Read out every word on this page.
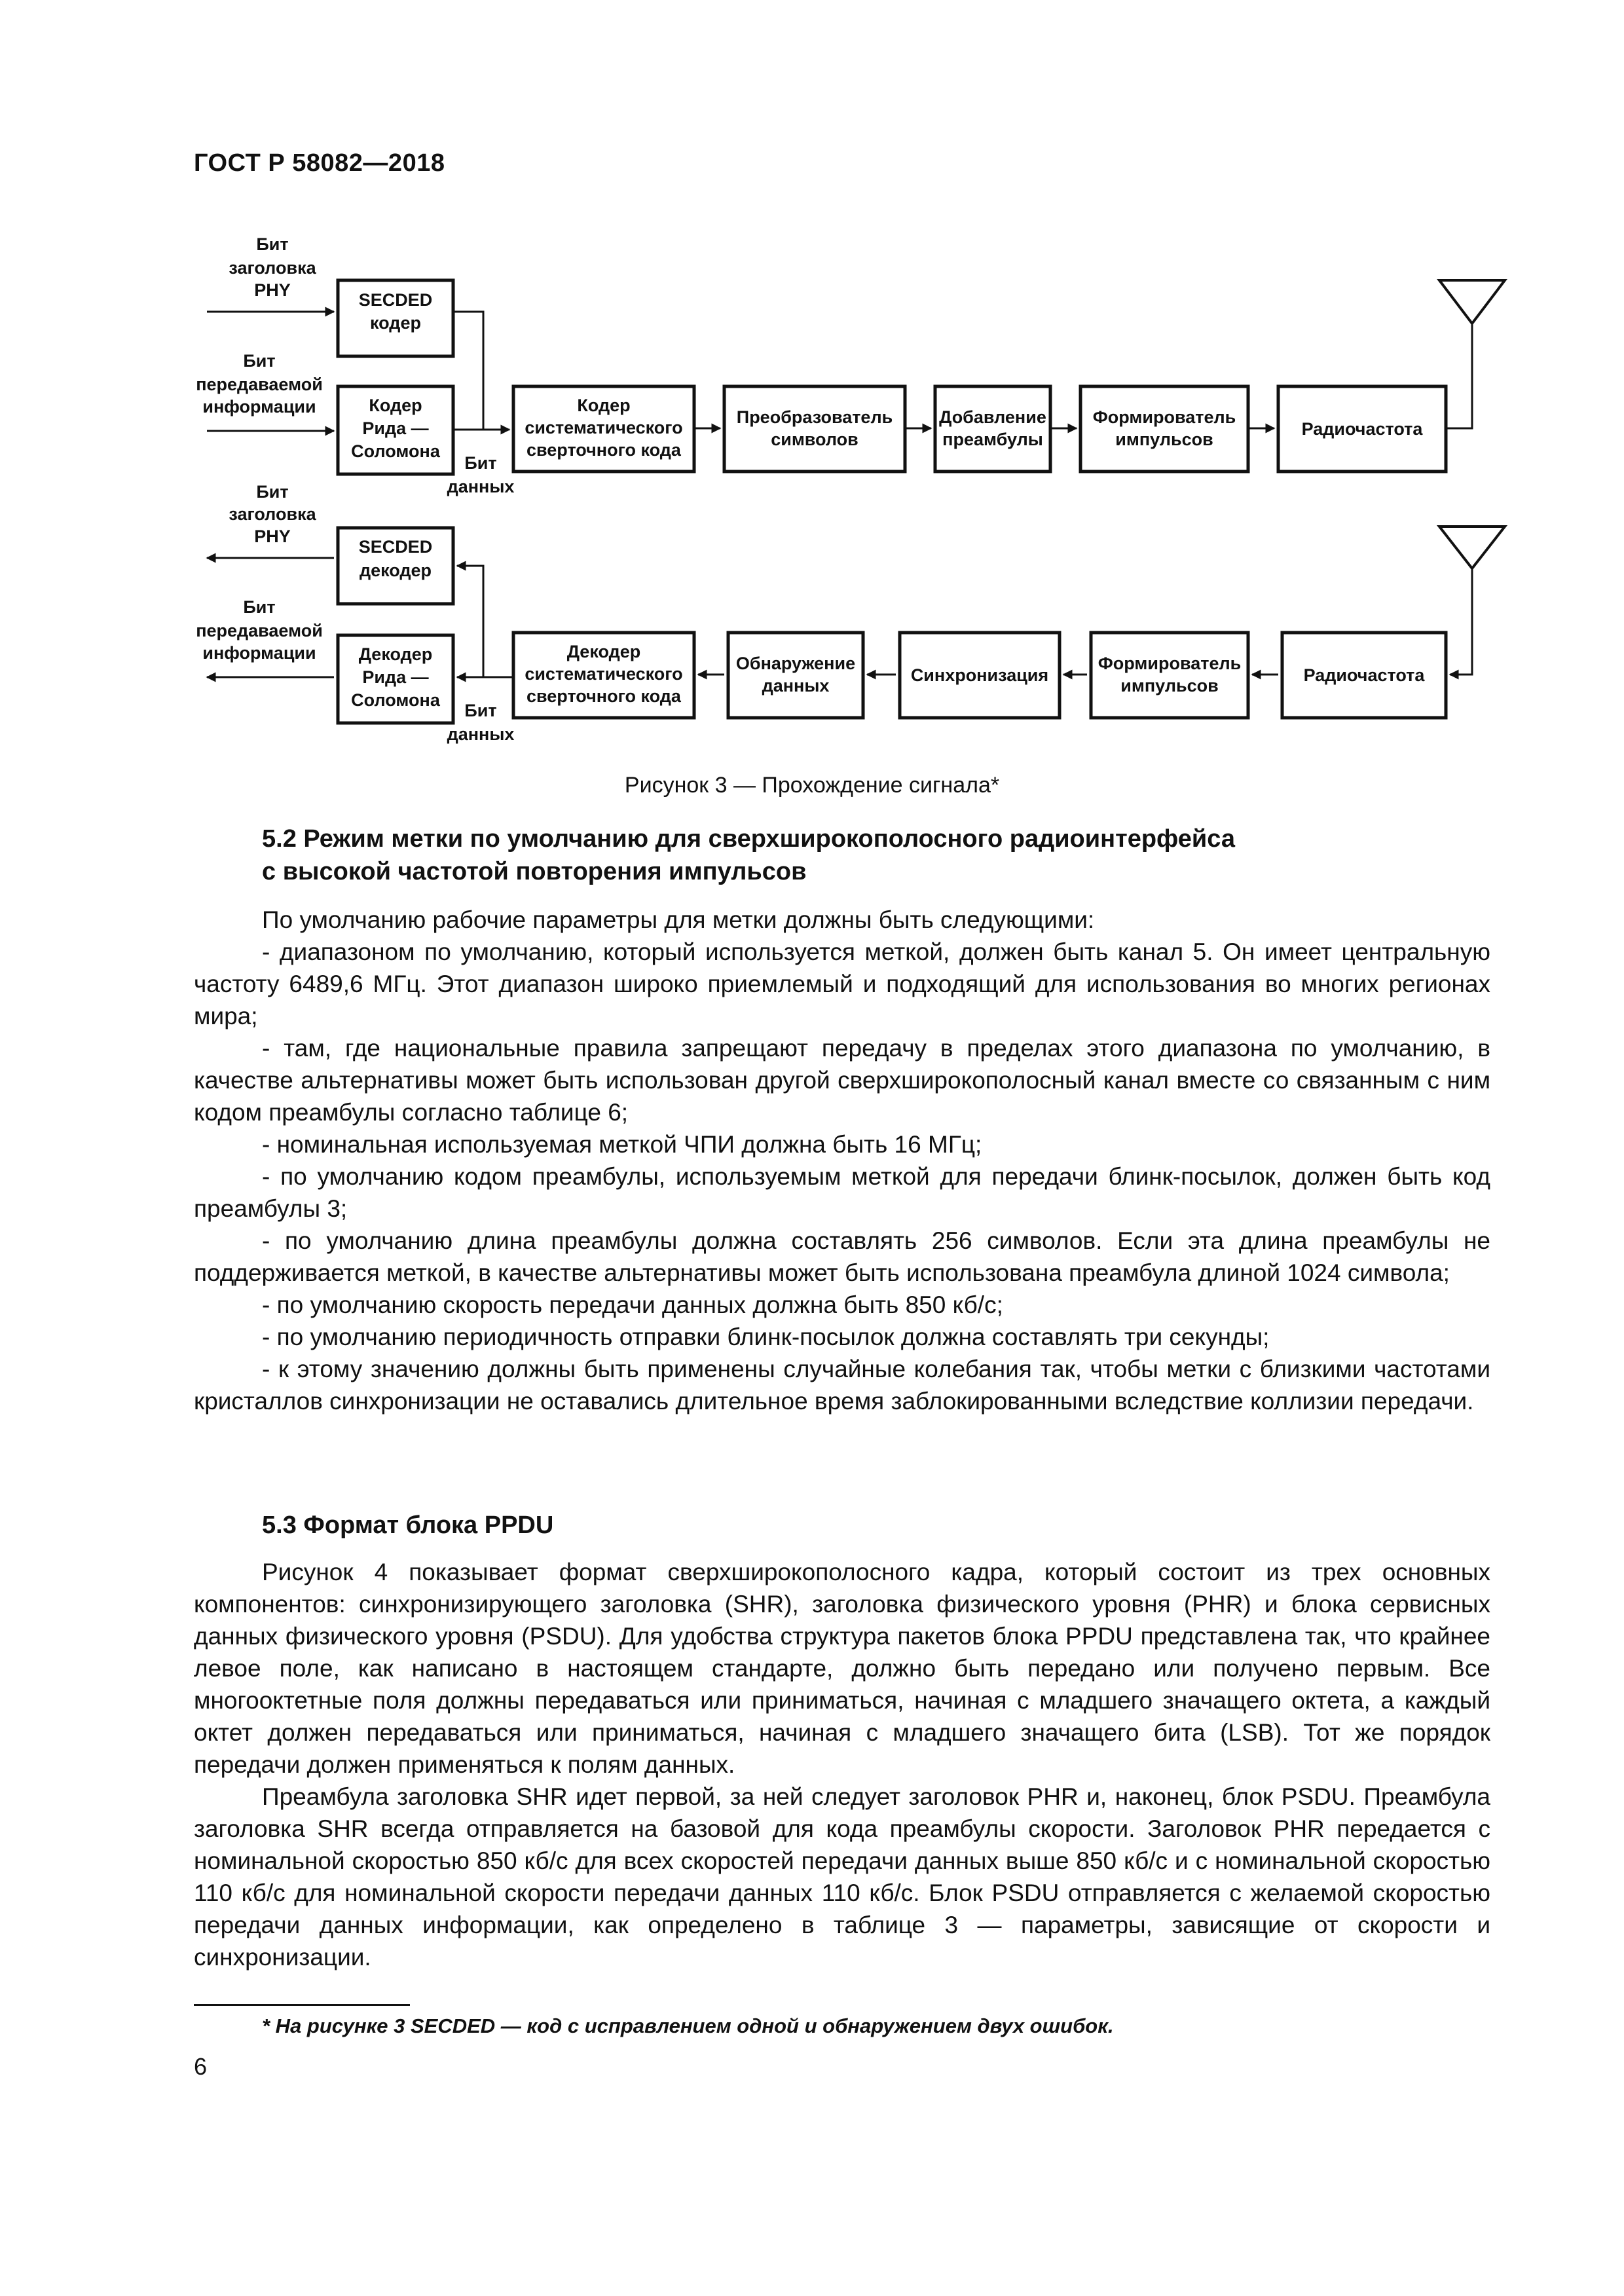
ГОСТ Р 58082—2018
Бит
заголовка
PHY
Бит
передаваемой
информации
SECDED
кодер
Кодер
Рида —
Соломона
Бит
данных
Кодер
систематического
сверточного кода
Преобразователь
символов
Добавление
преамбулы
Формирователь
импульсов
Радиочастота
Бит
заголовка
PHY
Бит
передаваемой
информации
SECDED
декодер
Декодер
Рида —
Соломона
Бит
данных
Декодер
систематического
сверточного кода
Обнаружение
данных
Синхронизация
Формирователь
импульсов
Радиочастота
Рисунок 3 — Прохождение сигнала*
5.2 Режим метки по умолчанию для сверхширокополосного радиоинтерфейса
с высокой частотой повторения импульсов

По умолчанию рабочие параметры для метки должны быть следующими:

- диапазоном по умолчанию, который используется меткой, должен быть канал 5. Он имеет центральную частоту 6489,6 МГц. Этот диапазон широко приемлемый и подходящий для использования во многих регионах мира;

- там, где национальные правила запрещают передачу в пределах этого диапазона по умолчанию, в качестве альтернативы может быть использован другой сверхширокополосный канал вместе со связанным с ним кодом преамбулы согласно таблице 6;

- номинальная используемая меткой ЧПИ должна быть 16 МГц;

- по умолчанию кодом преамбулы, используемым меткой для передачи блинк-посылок, должен быть код преамбулы 3;

- по умолчанию длина преамбулы должна составлять 256 символов. Если эта длина преамбулы не поддерживается меткой, в качестве альтернативы может быть использована преамбула длиной 1024 символа;

- по умолчанию скорость передачи данных должна быть 850 кб/с;

- по умолчанию периодичность отправки блинк-посылок должна составлять три секунды;

- к этому значению должны быть применены случайные колебания так, чтобы метки с близкими частотами кристаллов синхронизации не оставались длительное время заблокированными вследствие коллизии передачи.

5.3 Формат блока PPDU

Рисунок 4 показывает формат сверхширокополосного кадра, который состоит из трех основных компонентов: синхронизирующего заголовка (SHR), заголовка физического уровня (PHR) и блока сервисных данных физического уровня (PSDU). Для удобства структура пакетов блока PPDU представлена так, что крайнее левое поле, как написано в настоящем стандарте, должно быть передано или получено первым. Все многооктетные поля должны передаваться или приниматься, начиная с младшего значащего октета, а каждый октет должен передаваться или приниматься, начиная с младшего значащего бита (LSB). Тот же порядок передачи должен применяться к полям данных.

Преамбула заголовка SHR идет первой, за ней следует заголовок PHR и, наконец, блок PSDU. Преамбула заголовка SHR всегда отправляется на базовой для кода преамбулы скорости. Заголовок PHR передается с номинальной скоростью 850 кб/с для всех скоростей передачи данных выше 850 кб/с и с номинальной скоростью 110 кб/с для номинальной скорости передачи данных 110 кб/с. Блок PSDU отправляется с желаемой скоростью передачи данных информации, как определено в таблице 3 — параметры, зависящие от скорости и синхронизации.

* На рисунке 3 SECDED — код с исправлением одной и обнаружением двух ошибок.
6
